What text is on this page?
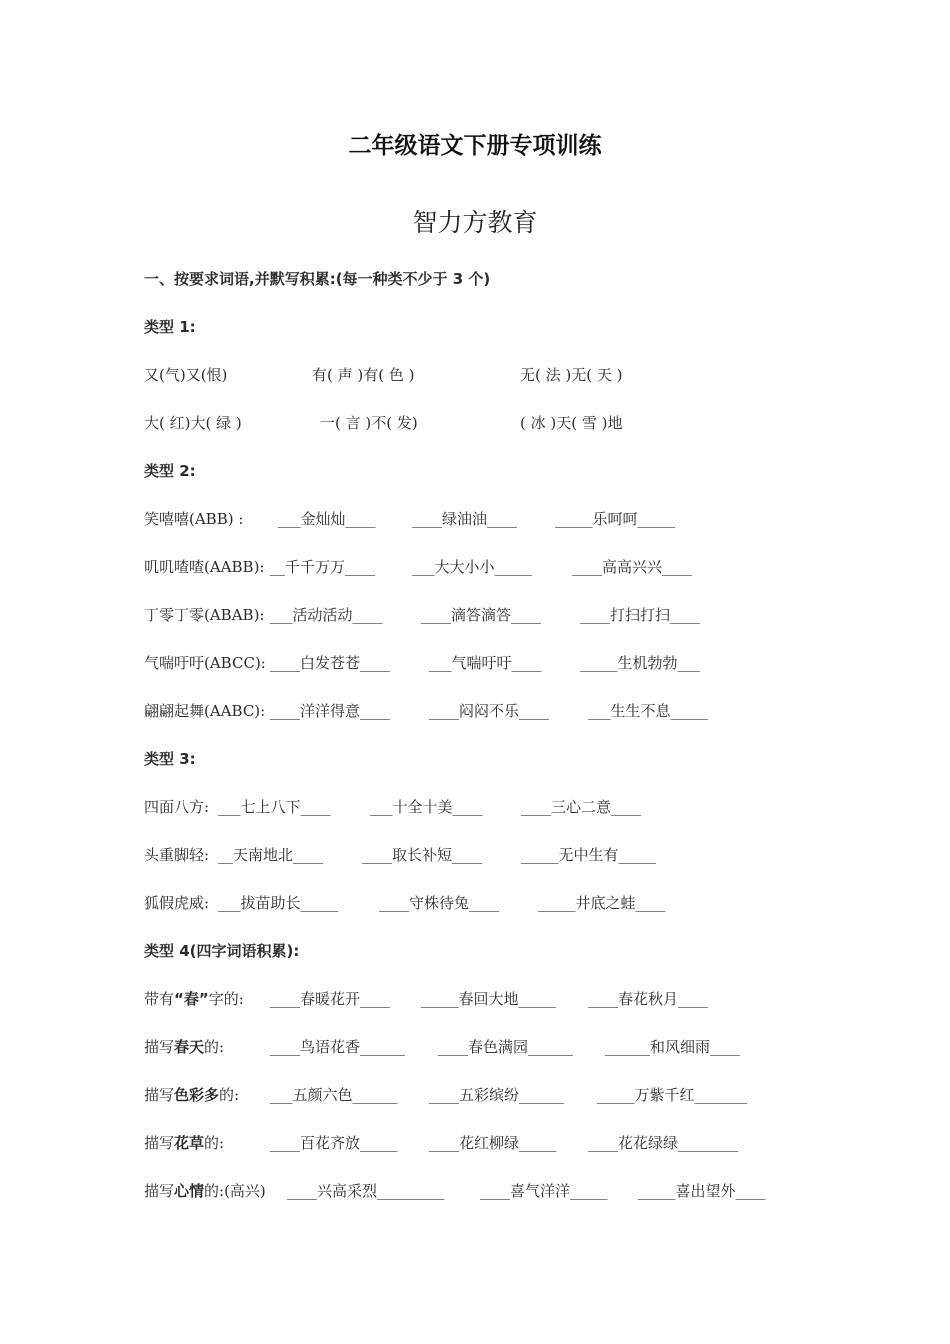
二年级语文下册专项训练
智力方教育
一、按要求词语,并默写积累:(每一种类不少于 3 个)
类型 1:
又(气)又(恨)	有( 声 )有( 色 )	无( 法 )无( 天 )
大( 红)大( 绿 )	一( 言 )不( 发)	( 冰 )天( 雪 )地
类型 2:
笑嘻嘻(ABB) : ___金灿灿____ ____绿油油____	_____乐呵呵_____
叽叽喳喳(AABB): __千千万万____ ___大大小小_____	____高高兴兴____
丁零丁零(ABAB): ___活动活动____	____滴答滴答____	____打扫打扫____
气喘吁吁(ABCC): ____白发苍苍____	___气喘吁吁____	_____生机勃勃___
翩翩起舞(AABC): ____洋洋得意____	____闷闷不乐____	___生生不息_____
类型 3:
四面八方: ___七上八下____	___十全十美____	____三心二意____
头重脚轻: __天南地北____	____取长补短____	_____无中生有_____
狐假虎威: ___拔苗助长_____	____守株待兔____	_____井底之蛙____
类型 4(四字词语积累):
带有“春”字的: ____春暖花开____ _____春回大地_____ ____春花秋月____
描写春天的:	____鸟语花香______ ____春色满园______ ______和风细雨____
描写色彩多的: ___五颜六色______ ____五彩缤纷______ _____万紫千红_______
描写花草的:	____百花齐放_____ ____花红柳绿_____ ____花花绿绿________
描写心情的:(高兴) ____兴高采烈_________ ____喜气洋洋_____ _____喜出望外____
